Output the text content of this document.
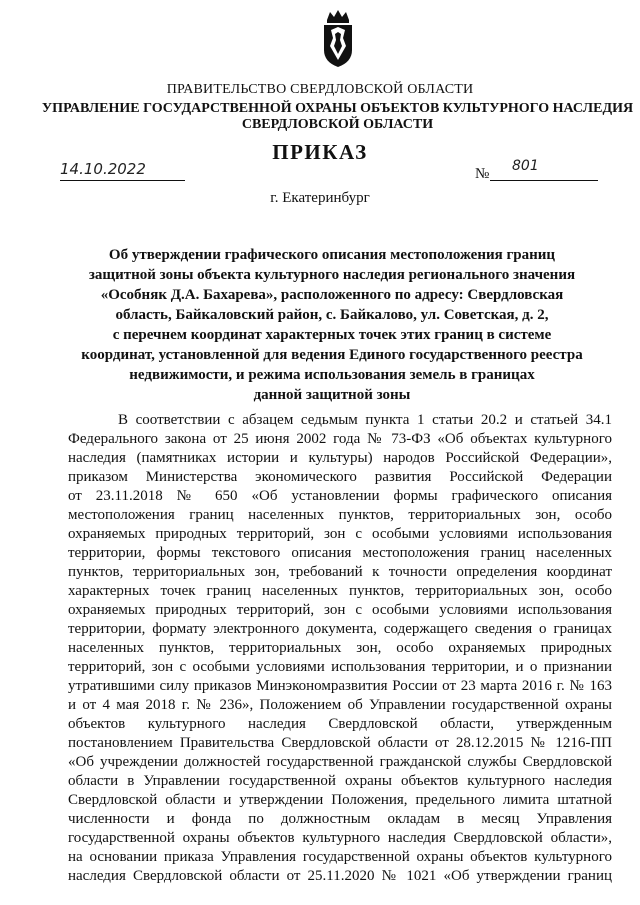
ПРАВИТЕЛЬСТВО СВЕРДЛОВСКОЙ ОБЛАСТИ
УПРАВЛЕНИЕ ГОСУДАРСТВЕННОЙ ОХРАНЫ ОБЪЕКТОВ КУЛЬТУРНОГО НАСЛЕДИЯ
СВЕРДЛОВСКОЙ ОБЛАСТИ
ПРИКАЗ
14.10.2022	№ 801
г. Екатеринбург
Об утверждении графического описания местоположения границ
защитной зоны объекта культурного наследия регионального значения
«Особняк Д.А. Бахарева», расположенного по адресу: Свердловская
область, Байкаловский район, с. Байкалово, ул. Советская, д. 2,
с перечнем координат характерных точек этих границ в системе
координат, установленной для ведения Единого государственного реестра
недвижимости, и режима использования земель в границах
данной защитной зоны
В соответствии с абзацем седьмым пункта 1 статьи 20.2 и статьей 34.1
Федерального закона от 25 июня 2002 года № 73-ФЗ «Об объектах культурного
наследия (памятниках истории и культуры) народов Российской Федерации»,
приказом Министерства экономического развития Российской Федерации
от 23.11.2018 № 650 «Об установлении формы графического описания
местоположения границ населенных пунктов, территориальных зон, особо
охраняемых природных территорий, зон с особыми условиями использования
территории, формы текстового описания местоположения границ населенных
пунктов, территориальных зон, требований к точности определения координат
характерных точек границ населенных пунктов, территориальных зон, особо
охраняемых природных территорий, зон с особыми условиями использования
территории, формату электронного документа, содержащего сведения о границах
населенных пунктов, территориальных зон, особо охраняемых природных
территорий, зон с особыми условиями использования территории, и о признании
утратившими силу приказов Минэкономразвития России от 23 марта 2016 г. № 163
и от 4 мая 2018 г. № 236», Положением об Управлении государственной охраны
объектов культурного наследия Свердловской области, утвержденным
постановлением Правительства Свердловской области от 28.12.2015 № 1216-ПП
«Об учреждении должностей государственной гражданской службы Свердловской
области в Управлении государственной охраны объектов культурного наследия
Свердловской области и утверждении Положения, предельного лимита штатной
численности и фонда по должностным окладам в месяц Управления
государственной охраны объектов культурного наследия Свердловской области»,
на основании приказа Управления государственной охраны объектов культурного
наследия Свердловской области от 25.11.2020 № 1021 «Об утверждении границ
